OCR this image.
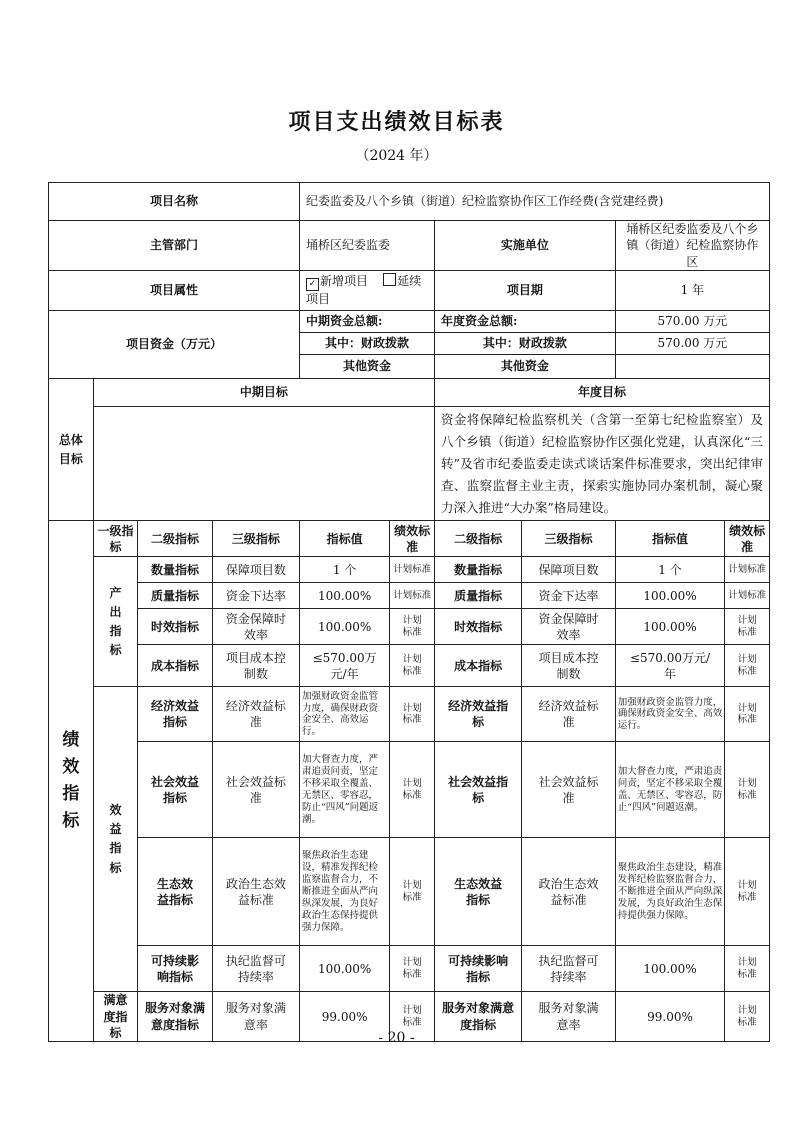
项目支出绩效目标表
（2024 年）
项目名称				纪委监委及八个乡镇（街道）纪检监察协作区工作经费(含党建经费)					
主管部门				埇桥区纪委监委		实施单位		埇桥区纪委监委及八个乡镇（街道）纪检监察协作区	
项目属性				✓ 新增项目 延续项目		项目期		1 年	
项目资金（万元）				中期资金总额:		年度资金总额:		570.00 万元	
				其中：财政拨款		其中：财政拨款		570.00 万元	
				其他资金		其他资金			
总体目标	中期目标					年度目标			
						资金将保障纪检监察机关（含第一至第七纪检监察室）及八个乡镇（街道）纪检监察协作区强化党建，认真深化“三转”及省市纪委监委走读式谈话案件标准要求，突出纪律审查、监察监督主业主责，探索实施协同办案机制，凝心聚力深入推进“大办案”格局建设。			
绩效指标	一级指标	二级指标	三级指标	指标值	绩效标准	二级指标	三级指标	指标值	绩效标准
	产出指标	数量指标	保障项目数	1 个	计划标准	数量指标	保障项目数	1 个	计划标准
		质量指标	资金下达率	100.00%	计划标准	质量指标	资金下达率	100.00%	计划标准
		时效指标	资金保障时效率	100.00%	计划标准	时效指标	资金保障时效率	100.00%	计划标准
		成本指标	项目成本控制数	≤570.00万元/年	计划标准	成本指标	项目成本控制数	≤570.00万元/年	计划标准
	效益指标	经济效益指标	经济效益标准	加强财政资金监管力度，确保财政资金安全、高效运行。	计划标准	经济效益指标	经济效益标准	加强财政资金监管力度，确保财政资金安全、高效运行。	计划标准
		社会效益指标	社会效益标准	加大督查力度，严肃追责问责，坚定不移采取全覆盖、无禁区、零容忍，防止“四风”问题返潮。	计划标准	社会效益指标	社会效益标准	加大督查力度，严肃追责问责，坚定不移采取全覆盖、无禁区、零容忍，防止“四风”问题返潮。	计划标准
		生态效益指标	政治生态效益标准	聚焦政治生态建设，精准发挥纪检监察监督合力，不断推进全面从严向纵深发展，为良好政治生态保持提供强力保障。	计划标准	生态效益指标	政治生态效益标准	聚焦政治生态建设，精准发挥纪检监察监督合力，不断推进全面从严向纵深发展，为良好政治生态保持提供强力保障。	计划标准
		可持续影响指标	执纪监督可持续率	100.00%	计划标准	可持续影响指标	执纪监督可持续率	100.00%	计划标准
	满意度指标	服务对象满意度指标	服务对象满意率	99.00%	计划标准	服务对象满意度指标	服务对象满意率	99.00%	计划标准
- 20 -
